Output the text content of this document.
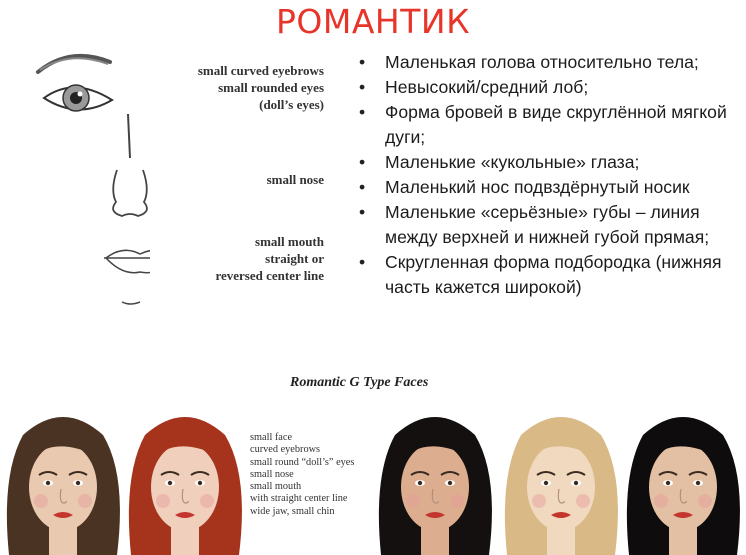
РОМАНТИК
small curved eyebrows
small rounded eyes
(doll’s eyes)
small nose
small mouth
straight or
reversed center line
• Маленькая голова относительно тела;
• Невысокий/средний лоб;
• Форма бровей в виде скруглённой мягкой дуги;
• Маленькие «кукольные» глаза;
• Маленький нос подвздёрнутый носик
• Маленькие «серьёзные» губы – линия между верхней и нижней губой прямая;
• Скругленная форма подбородка (нижняя часть кажется широкой)
Romantic G Type Faces
small face
curved eyebrows
small round “doll’s” eyes
small nose
small mouth
with straight center line
wide jaw, small chin
